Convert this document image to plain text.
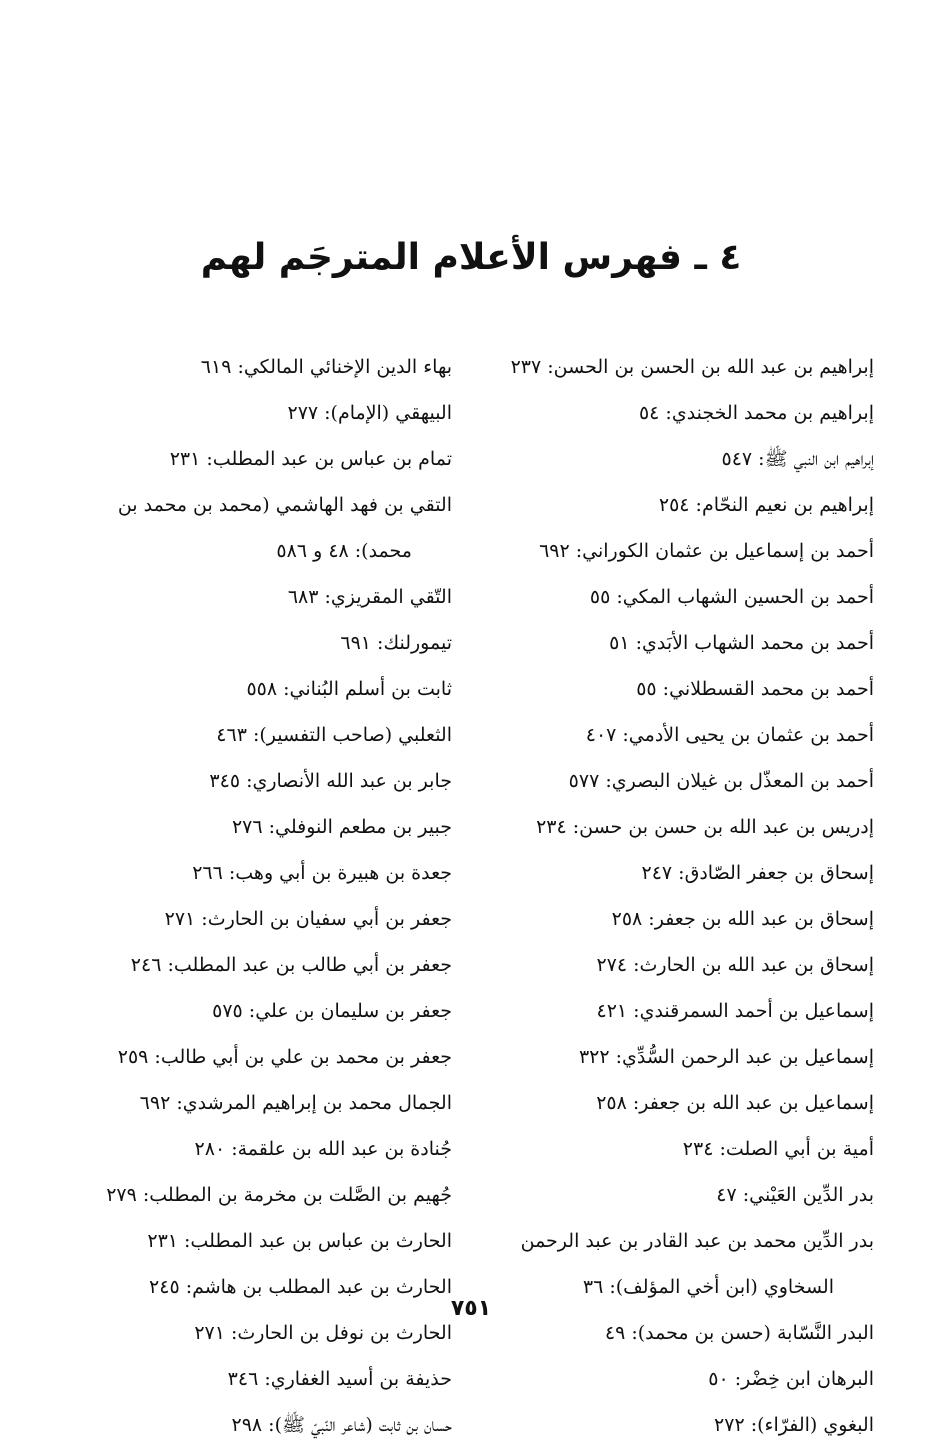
٤ ـ فهرس الأعلام المترجَم لهم
إبراهيم بن عبد الله بن الحسن بن الحسن: ٢٣٧
إبراهيم بن محمد الخجندي: ٥٤
إبراهيم ابن النبي ﷺ: ٥٤٧
إبراهيم بن نعيم النحّام: ٢٥٤
أحمد بن إسماعيل بن عثمان الكوراني: ٦٩٢
أحمد بن الحسين الشهاب المكي: ٥٥
أحمد بن محمد الشهاب الأبَدي: ٥١
أحمد بن محمد القسطلاني: ٥٥
أحمد بن عثمان بن يحيى الأدمي: ٤٠٧
أحمد بن المعذّل بن غيلان البصري: ٥٧٧
إدريس بن عبد الله بن حسن بن حسن: ٢٣٤
إسحاق بن جعفر الصّادق: ٢٤٧
إسحاق بن عبد الله بن جعفر: ٢٥٨
إسحاق بن عبد الله بن الحارث: ٢٧٤
إسماعيل بن أحمد السمرقندي: ٤٢١
إسماعيل بن عبد الرحمن السُّدِّي: ٣٢٢
إسماعيل بن عبد الله بن جعفر: ٢٥٨
أمية بن أبي الصلت: ٢٣٤
بدر الدِّين العَيْني: ٤٧
بدر الدِّين محمد بن عبد القادر بن عبد الرحمن
السخاوي (ابن أخي المؤلف): ٣٦
البدر النَّسّابة (حسن بن محمد): ٤٩
البرهان ابن خِضْر: ٥٠
البغوي (الفرّاء): ٢٧٢
بهاء الدين الإخنائي المالكي: ٦١٩
البيهقي (الإمام): ٢٧٧
تمام بن عباس بن عبد المطلب: ٢٣١
التقي بن فهد الهاشمي (محمد بن محمد بن
محمد): ٤٨ و ٥٨٦
التّقي المقريزي: ٦٨٣
تيمورلنك: ٦٩١
ثابت بن أسلم البُناني: ٥٥٨
الثعلبي (صاحب التفسير): ٤٦٣
جابر بن عبد الله الأنصاري: ٣٤٥
جبير بن مطعم النوفلي: ٢٧٦
جعدة بن هبيرة بن أبي وهب: ٢٦٦
جعفر بن أبي سفيان بن الحارث: ٢٧١
جعفر بن أبي طالب بن عبد المطلب: ٢٤٦
جعفر بن سليمان بن علي: ٥٧٥
جعفر بن محمد بن علي بن أبي طالب: ٢٥٩
الجمال محمد بن إبراهيم المرشدي: ٦٩٢
جُنادة بن عبد الله بن علقمة: ٢٨٠
جُهيم بن الصَّلت بن مخرمة بن المطلب: ٢٧٩
الحارث بن عباس بن عبد المطلب: ٢٣١
الحارث بن عبد المطلب بن هاشم: ٢٤٥
الحارث بن نوفل بن الحارث: ٢٧١
حذيفة بن أسيد الغفاري: ٣٤٦
حسان بن ثابت (شاعر النّبيّ ﷺ): ٢٩٨
٧٥١
